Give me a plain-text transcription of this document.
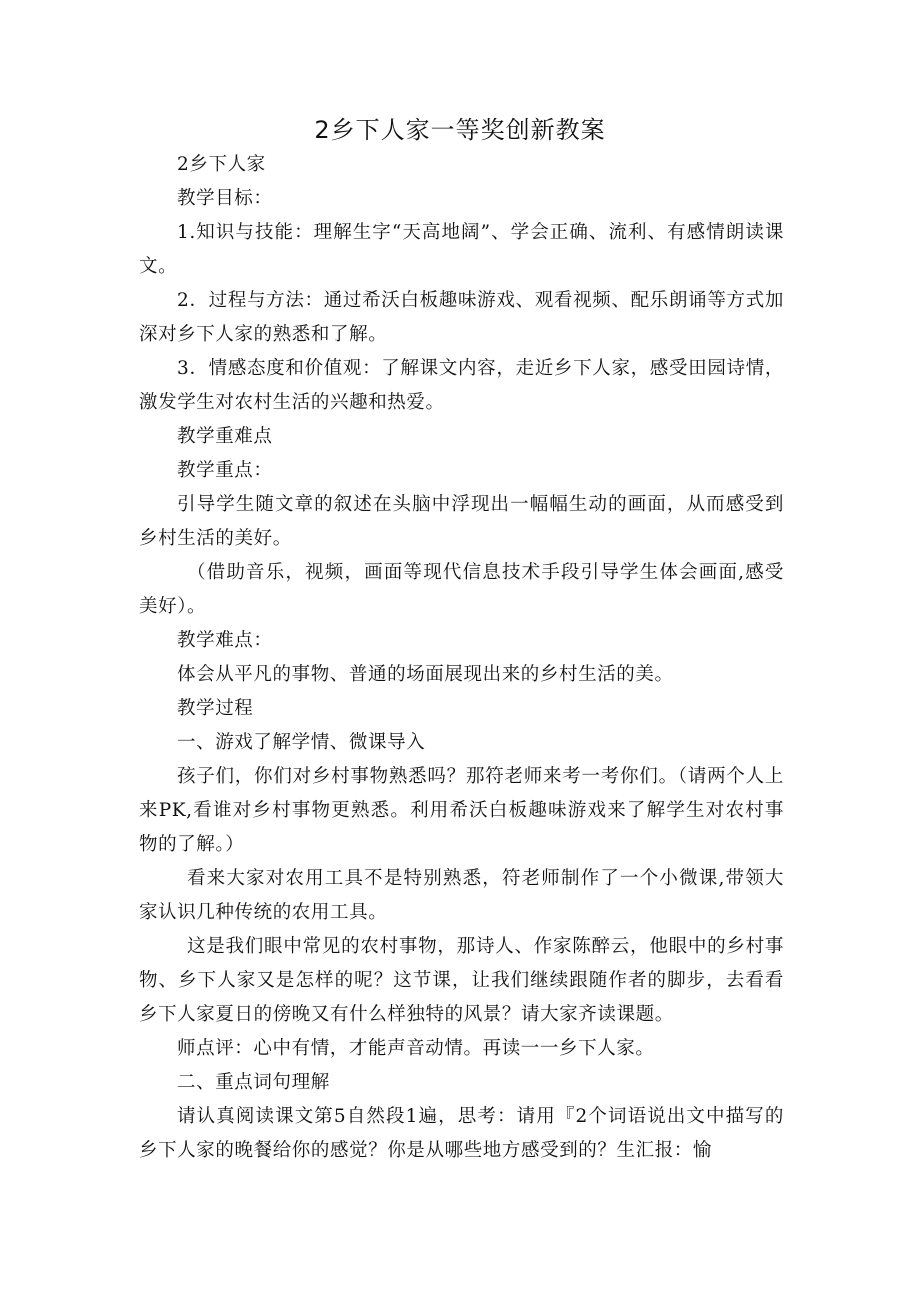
2乡下人家一等奖创新教案

2乡下人家

教学目标：

1.知识与技能：理解生字“天高地阔”、学会正确、流利、有感情朗读课文。

2．过程与方法：通过希沃白板趣味游戏、观看视频、配乐朗诵等方式加深对乡下人家的熟悉和了解。

3．情感态度和价值观：了解课文内容，走近乡下人家，感受田园诗情，激发学生对农村生活的兴趣和热爱。

教学重难点

教学重点：

引导学生随文章的叙述在头脑中浮现出一幅幅生动的画面，从而感受到乡村生活的美好。

（借助音乐，视频，画面等现代信息技术手段引导学生体会画面,感受美好）。

教学难点：

体会从平凡的事物、普通的场面展现出来的乡村生活的美。

教学过程

一、游戏了解学情、微课导入

孩子们，你们对乡村事物熟悉吗？那符老师来考一考你们。（请两个人上来PK,看谁对乡村事物更熟悉。利用希沃白板趣味游戏来了解学生对农村事物的了解。）

看来大家对农用工具不是特别熟悉，符老师制作了一个小微课,带领大家认识几种传统的农用工具。

这是我们眼中常见的农村事物，那诗人、作家陈醉云，他眼中的乡村事物、乡下人家又是怎样的呢？这节课，让我们继续跟随作者的脚步，去看看乡下人家夏日的傍晚又有什么样独特的风景？请大家齐读课题。

师点评：心中有情，才能声音动情。再读一一乡下人家。

二、重点词句理解

请认真阅读课文第5自然段1遍，思考：请用『2个词语说出文中描写的乡下人家的晚餐给你的感觉？你是从哪些地方感受到的？生汇报：愉
